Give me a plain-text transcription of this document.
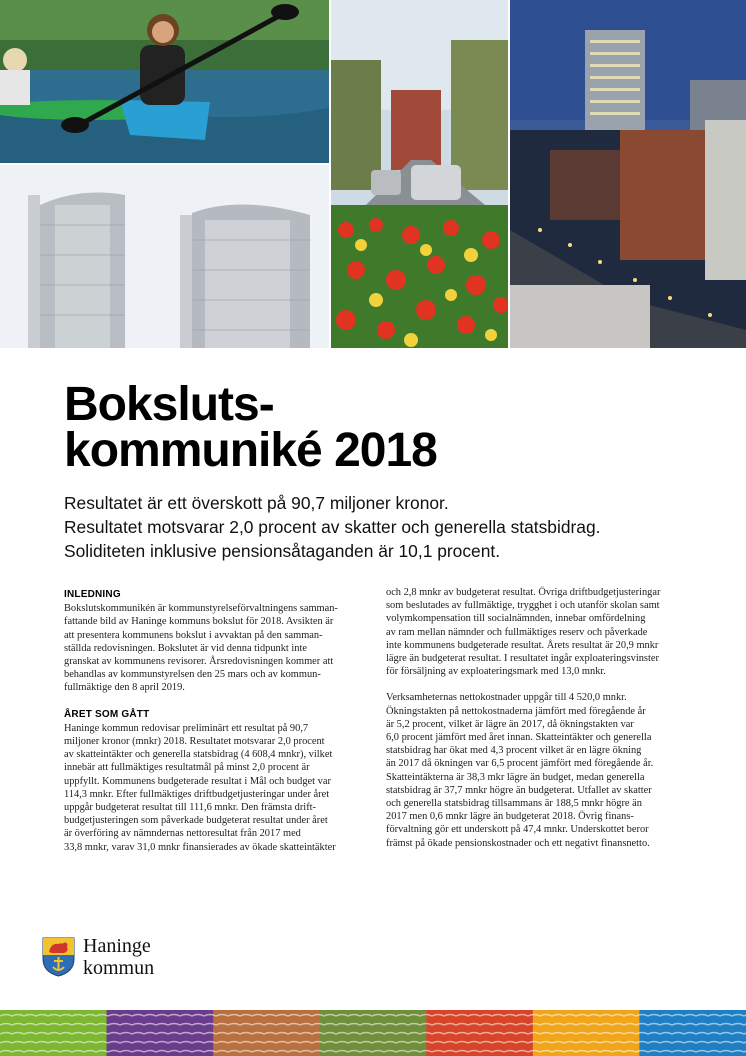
Boksluts-
kommuniké 2018

Resultatet är ett överskott på 90,7 miljoner kronor.

Resultatet motsvarar 2,0 procent av skatter och generella statsbidrag.

Soliditeten inklusive pensionsåtaganden är 10,1 procent.

INLEDNING

Bokslutskommunikén är kommunstyrelseförvaltningens samman-

fattande bild av Haninge kommuns bokslut för 2018. Avsikten är

att presentera kommunens bokslut i avvaktan på den samman-

ställda redovisningen. Bokslutet är vid denna tidpunkt inte

granskat av kommunens revisorer. Årsredovisningen kommer att

behandlas av kommunstyrelsen den 25 mars och av kommun-

fullmäktige den 8 april 2019.

ÅRET SOM GÅTT

Haninge kommun redovisar preliminärt ett resultat på 90,7

miljoner kronor (mnkr) 2018. Resultatet motsvarar 2,0 procent

av skatteintäkter och generella statsbidrag (4 608,4 mnkr), vilket

innebär att fullmäktiges resultatmål på minst 2,0 procent är

uppfyllt. Kommunens budgeterade resultat i Mål och budget var

114,3 mnkr. Efter fullmäktiges driftbudgetjusteringar under året

uppgår budgeterat resultat till 111,6 mnkr. Den främsta drift-

budgetjusteringen som påverkade budgeterat resultat under året

är överföring av nämndernas nettoresultat från 2017 med

33,8 mnkr, varav 31,0 mnkr finansierades av ökade skatteintäkter

och 2,8 mnkr av budgeterat resultat. Övriga driftbudgetjusteringar

som beslutades av fullmäktige, trygghet i och utanför skolan samt

volymkompensation till socialnämnden, innebar omfördelning

av ram mellan nämnder och fullmäktiges reserv och påverkade

inte kommunens budgeterade resultat. Årets resultat är 20,9 mnkr

lägre än budgeterat resultat. I resultatet ingår exploateringsvinster

för försäljning av exploateringsmark med 13,0 mnkr.

Verksamheternas nettokostnader uppgår till 4 520,0 mnkr.

Ökningstakten på nettokostnaderna jämfört med föregående år

är 5,2 procent, vilket är lägre än 2017, då ökningstakten var

6,0 procent jämfört med året innan. Skatteintäkter och generella

statsbidrag har ökat med 4,3 procent vilket är en lägre ökning

än 2017 då ökningen var 6,5 procent jämfört med föregående år.

Skatteintäkterna är 38,3 mkr lägre än budget, medan generella

statsbidrag är 37,7 mnkr högre än budgeterat. Utfallet av skatter

och generella statsbidrag tillsammans är 188,5 mnkr högre än

2017 men 0,6 mnkr lägre än budgeterat 2018. Övrig finans-

förvaltning gör ett underskott på 47,4 mnkr. Underskottet beror

främst på ökade pensionskostnader och ett negativt finansnetto.

Haninge
kommun
